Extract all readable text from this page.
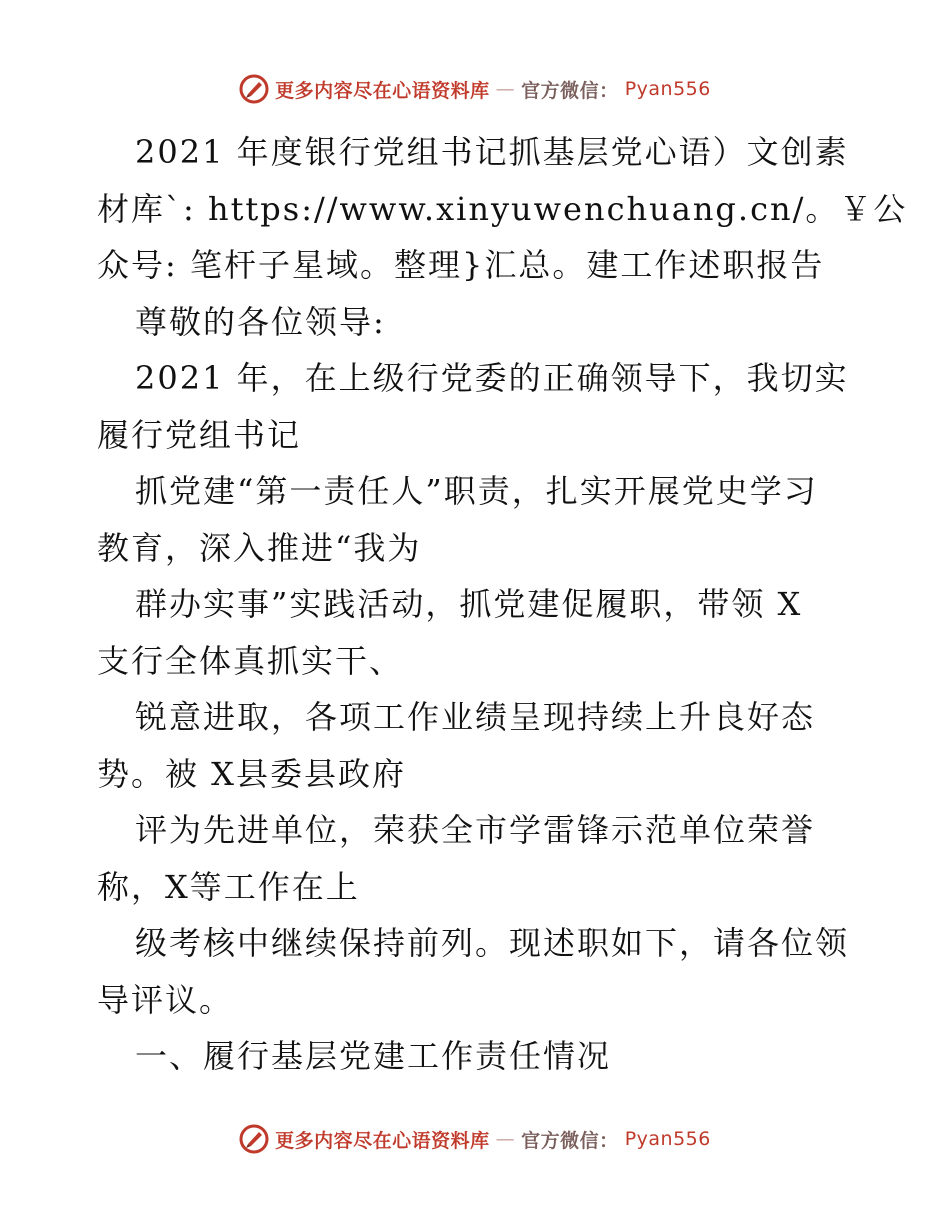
更多内容尽在心语资料库 — 官方微信： Pyan556
2021 年度银行党组书记抓基层党心语）文创素
材库`: https://www.xinyuwenchuang.cn/。￥公
众号: 笔杆子星域。整理}汇总。建工作述职报告
尊敬的各位领导:
2021 年，在上级行党委的正确领导下，我切实
履行党组书记
抓党建“第一责任人”职责，扎实开展党史学习
教育，深入推进“我为
群办实事”实践活动，抓党建促履职，带领 X
支行全体真抓实干、
锐意进取，各项工作业绩呈现持续上升良好态
势。被 X县委县政府
评为先进单位，荣获全市学雷锋示范单位荣誉
称，X等工作在上
级考核中继续保持前列。现述职如下，请各位领
导评议。
一、履行基层党建工作责任情况
更多内容尽在心语资料库 — 官方微信： Pyan556
